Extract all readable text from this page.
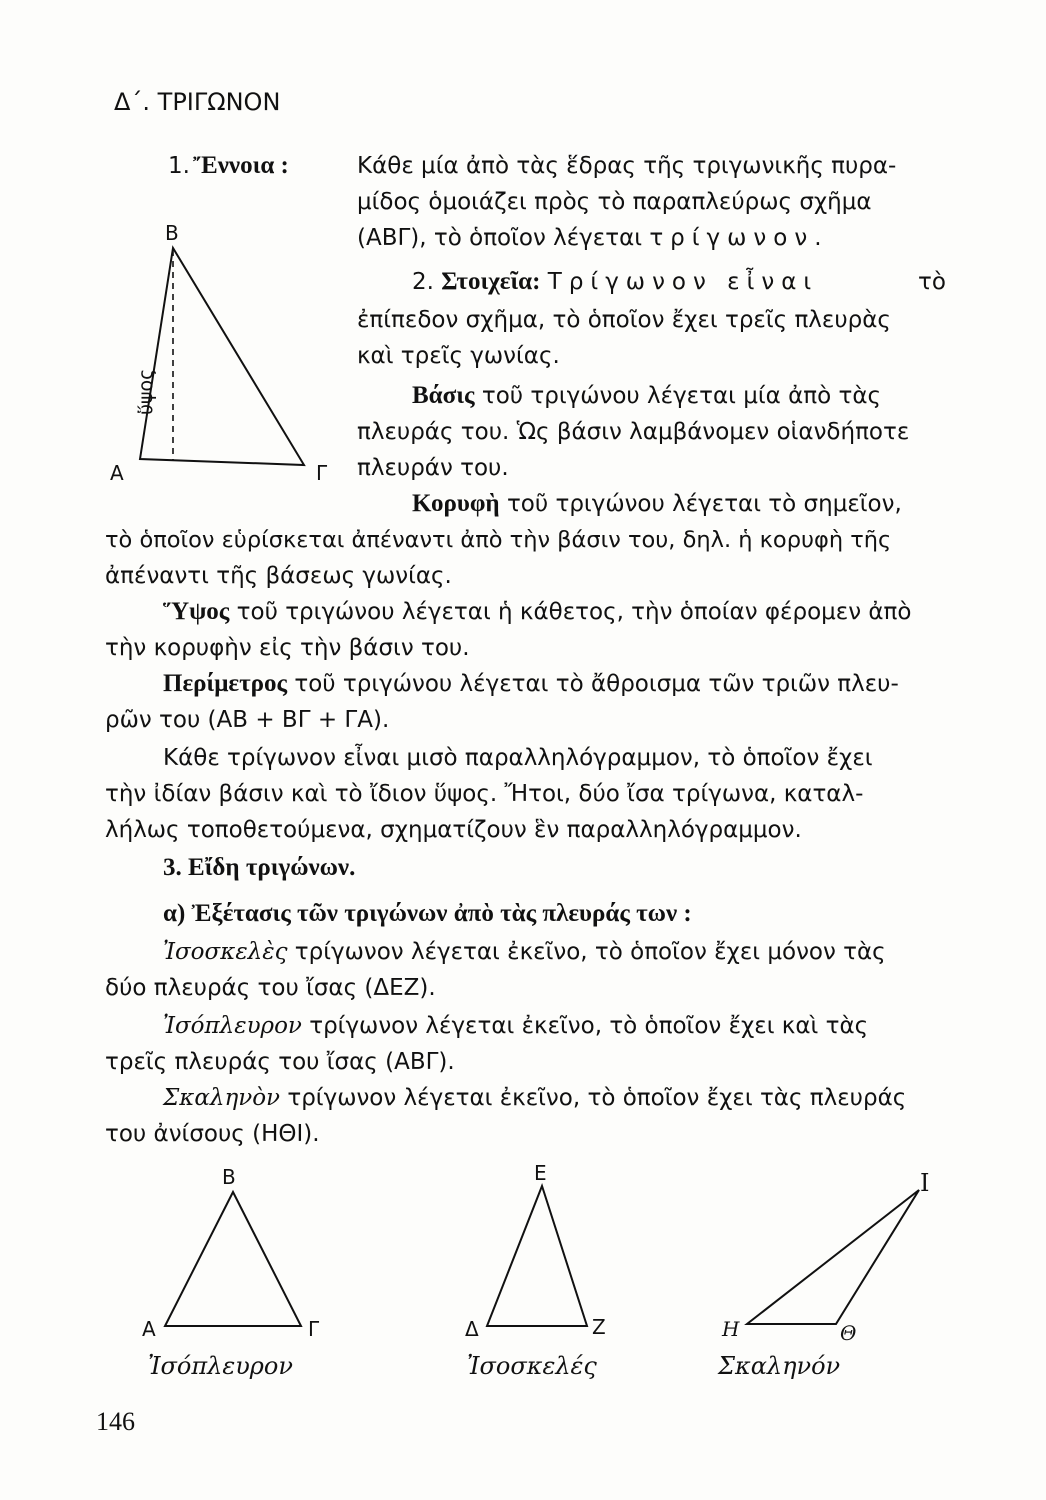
Δ΄. ΤΡΙΓΩΝΟΝ
1. Ἔννοια :	Κάθε μία ἀπὸ τὰς ἕδρας τῆς τριγωνικῆς πυρα-
μίδος ὁμοιάζει πρὸς τὸ παραπλεύρως σχῆμα
(ΑΒΓ), τὸ ὁποῖον λέγεται τρίγωνον.
2. Στοιχεῖα: Τρίγωνον εἶναι	τὸ
ἐπίπεδον σχῆμα, τὸ ὁποῖον ἔχει τρεῖς πλευρὰς
καὶ τρεῖς γωνίας.
Βάσις τοῦ τριγώνου λέγεται μία ἀπὸ τὰς
πλευράς του. Ὡς βάσιν λαμβάνομεν οἱανδήποτε
πλευράν του.
Κορυφὴ τοῦ τριγώνου λέγεται τὸ σημεῖον,
τὸ ὁποῖον εὑρίσκεται ἀπέναντι ἀπὸ τὴν βάσιν του, δηλ. ἡ κορυφὴ τῆς
ἀπέναντι τῆς βάσεως γωνίας.
Ὕψος τοῦ τριγώνου λέγεται ἡ κάθετος, τὴν ὁποίαν φέρομεν ἀπὸ
τὴν κορυφὴν εἰς τὴν βάσιν του.
Περίμετρος τοῦ τριγώνου λέγεται τὸ ἄθροισμα τῶν τριῶν πλευ-
ρῶν του (ΑΒ + ΒΓ + ΓΑ).
Κάθε τρίγωνον εἶναι μισὸ παραλληλόγραμμον, τὸ ὁποῖον ἔχει
τὴν ἰδίαν βάσιν καὶ τὸ ἴδιον ὕψος. Ἤτοι, δύο ἴσα τρίγωνα, καταλ-
λήλως τοποθετούμενα, σχηματίζουν ἓν παραλληλόγραμμον.
3. Εἴδη τριγώνων.
α) Ἐξέτασις τῶν τριγώνων ἀπὸ τὰς πλευράς των :
Ἰσοσκελὲς τρίγωνον λέγεται ἐκεῖνο, τὸ ὁποῖον ἔχει μόνον τὰς
δύο πλευράς του ἴσας (ΔΕΖ).
Ἰσόπλευρον τρίγωνον λέγεται ἐκεῖνο, τὸ ὁποῖον ἔχει καὶ τὰς
τρεῖς πλευράς του ἴσας (ΑΒΓ).
Σκαληνὸν τρίγωνον λέγεται ἐκεῖνο, τὸ ὁποῖον ἔχει τὰς πλευράς
του ἀνίσους (ΗΘΙ).
Β
Α	Γ
ὕψος
Β
Α	Γ
Ἰσόπλευρον
Ε
Δ	Ζ
Ἰσοσκελές
Ι
Η	Θ
Σκαληνόν
146
